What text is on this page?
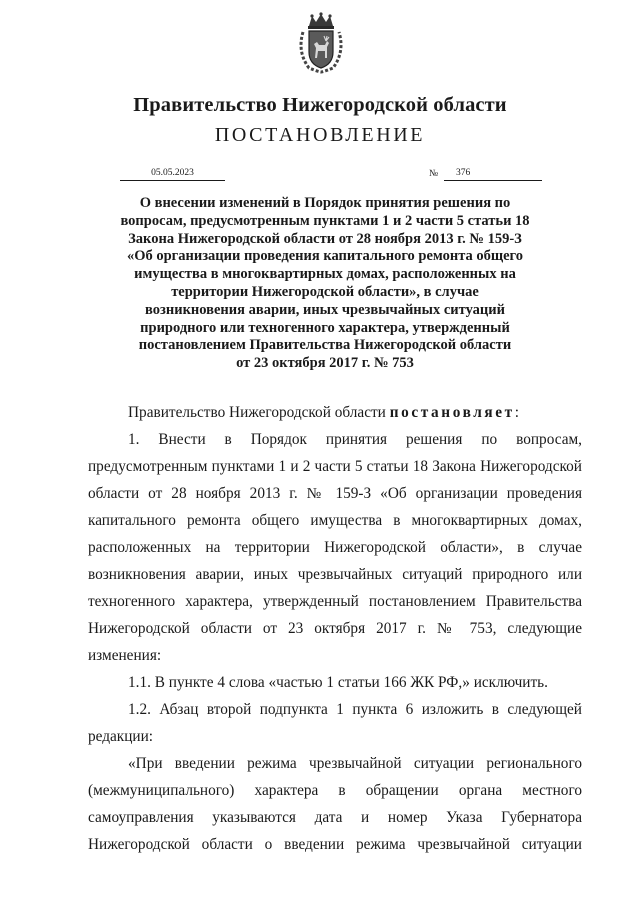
Правительство Нижегородской области
ПОСТАНОВЛЕНИЕ
05.05.2023	№	376
О внесении изменений в Порядок принятия решения по
вопросам, предусмотренным пунктами 1 и 2 части 5 статьи 18
Закона Нижегородской области от 28 ноября 2013 г. № 159-З
«Об организации проведения капитального ремонта общего
имущества в многоквартирных домах, расположенных на
территории Нижегородской области», в случае
возникновения аварии, иных чрезвычайных ситуаций
природного или техногенного характера, утвержденный
постановлением Правительства Нижегородской области
от 23 октября 2017 г. № 753
Правительство Нижегородской области постановляет:
1. Внести в Порядок принятия решения по вопросам,
предусмотренным пунктами 1 и 2 части 5 статьи 18 Закона Нижегородской
области от 28 ноября 2013 г. № 159-З «Об организации проведения
капитального ремонта общего имущества в многоквартирных домах,
расположенных на территории Нижегородской области», в случае
возникновения аварии, иных чрезвычайных ситуаций природного или
техногенного характера, утвержденный постановлением Правительства
Нижегородской области от 23 октября 2017 г. № 753, следующие
изменения:
1.1. В пункте 4 слова «частью 1 статьи 166 ЖК РФ,» исключить.
1.2. Абзац второй подпункта 1 пункта 6 изложить в следующей
редакции:
«При введении режима чрезвычайной ситуации регионального
(межмуниципального) характера в обращении органа местного
самоуправления указываются дата и номер Указа Губернатора
Нижегородской области о введении режима чрезвычайной ситуации
